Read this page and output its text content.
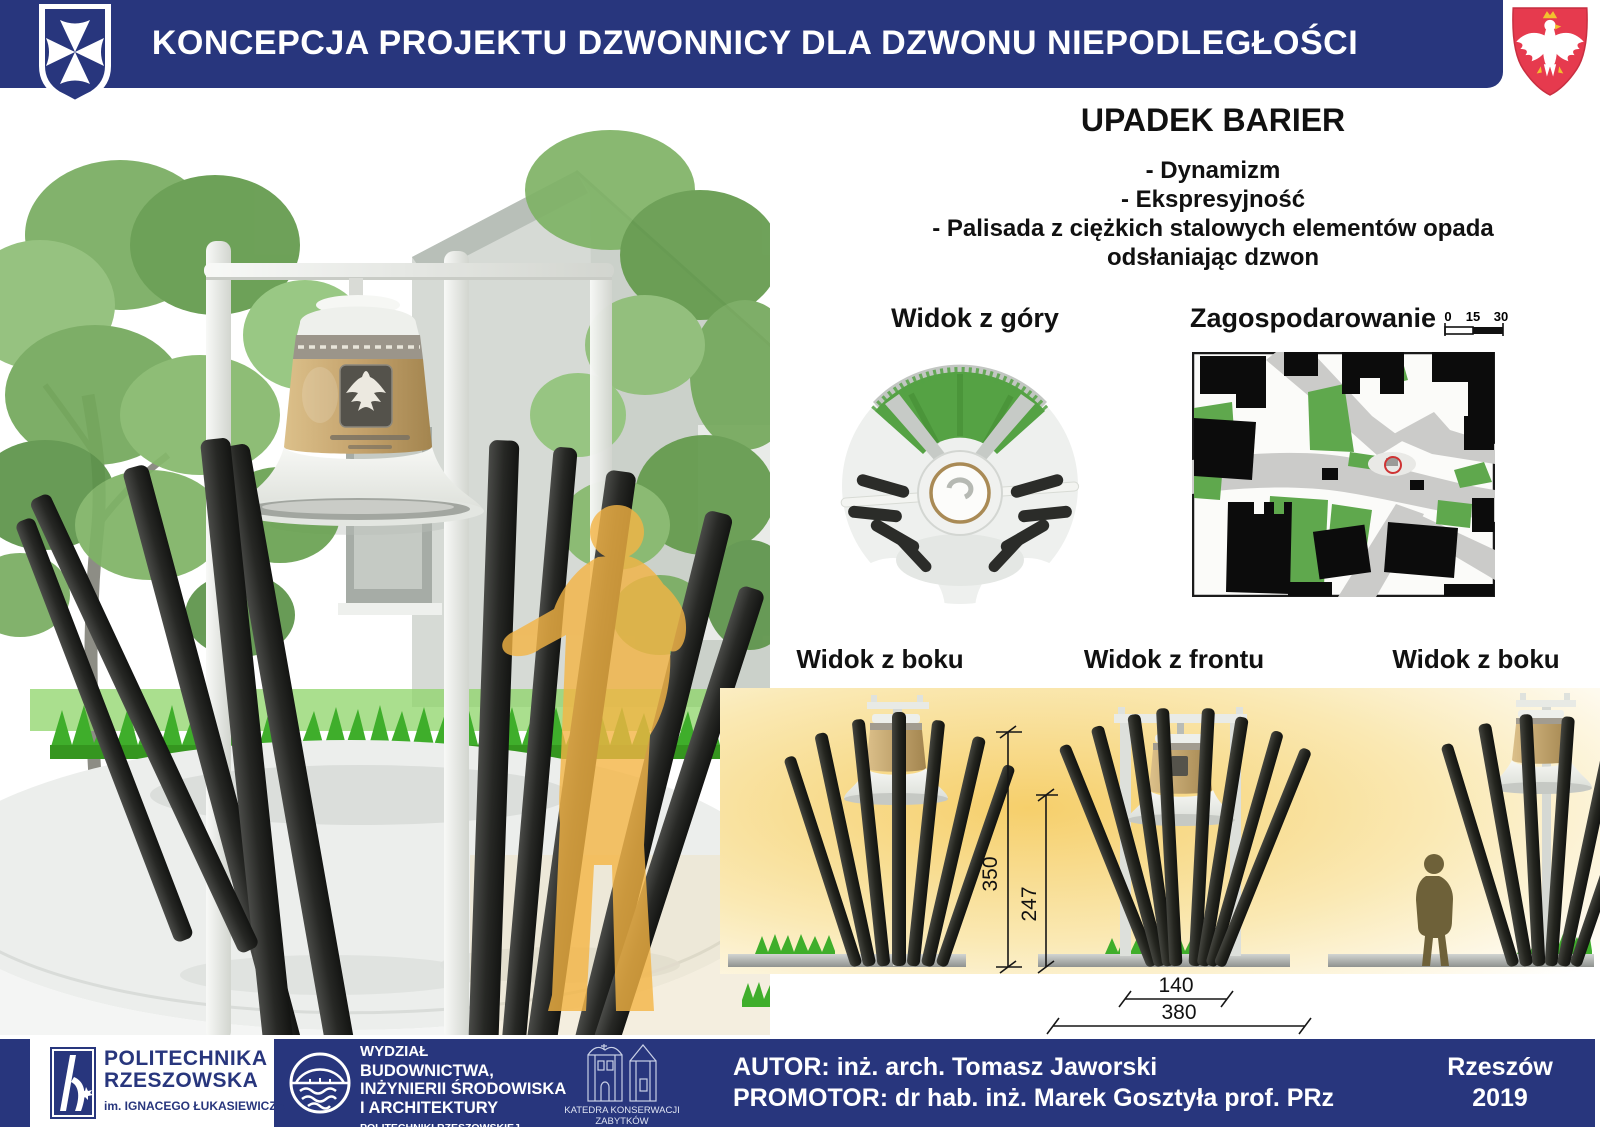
KONCEPCJA PROJEKTU DZWONNICY DLA DZWONU NIEPODLEGŁOŚCI
UPADEK BARIER
- Dynamizm
- Ekspresyjność
- Palisada z ciężkich stalowych elementów opada odsłaniając dzwon
Widok z góry	Zagospodarowanie 0 15 30
Widok z boku	Widok z frontu	Widok z boku
350
247
140
380
POLITECHNIKA
RZESZOWSKA
im. IGNACEGO ŁUKASIEWICZA
WYDZIAŁ
BUDOWNICTWA,
INŻYNIERII ŚRODOWISKA
I ARCHITEKTURY
POLITECHNIKI RZESZOWSKIEJ
KATEDRA KONSERWACJI
ZABYTKÓW
AUTOR: inż. arch. Tomasz Jaworski
PROMOTOR: dr hab. inż. Marek Gosztyła prof. PRz
Rzeszów
2019
